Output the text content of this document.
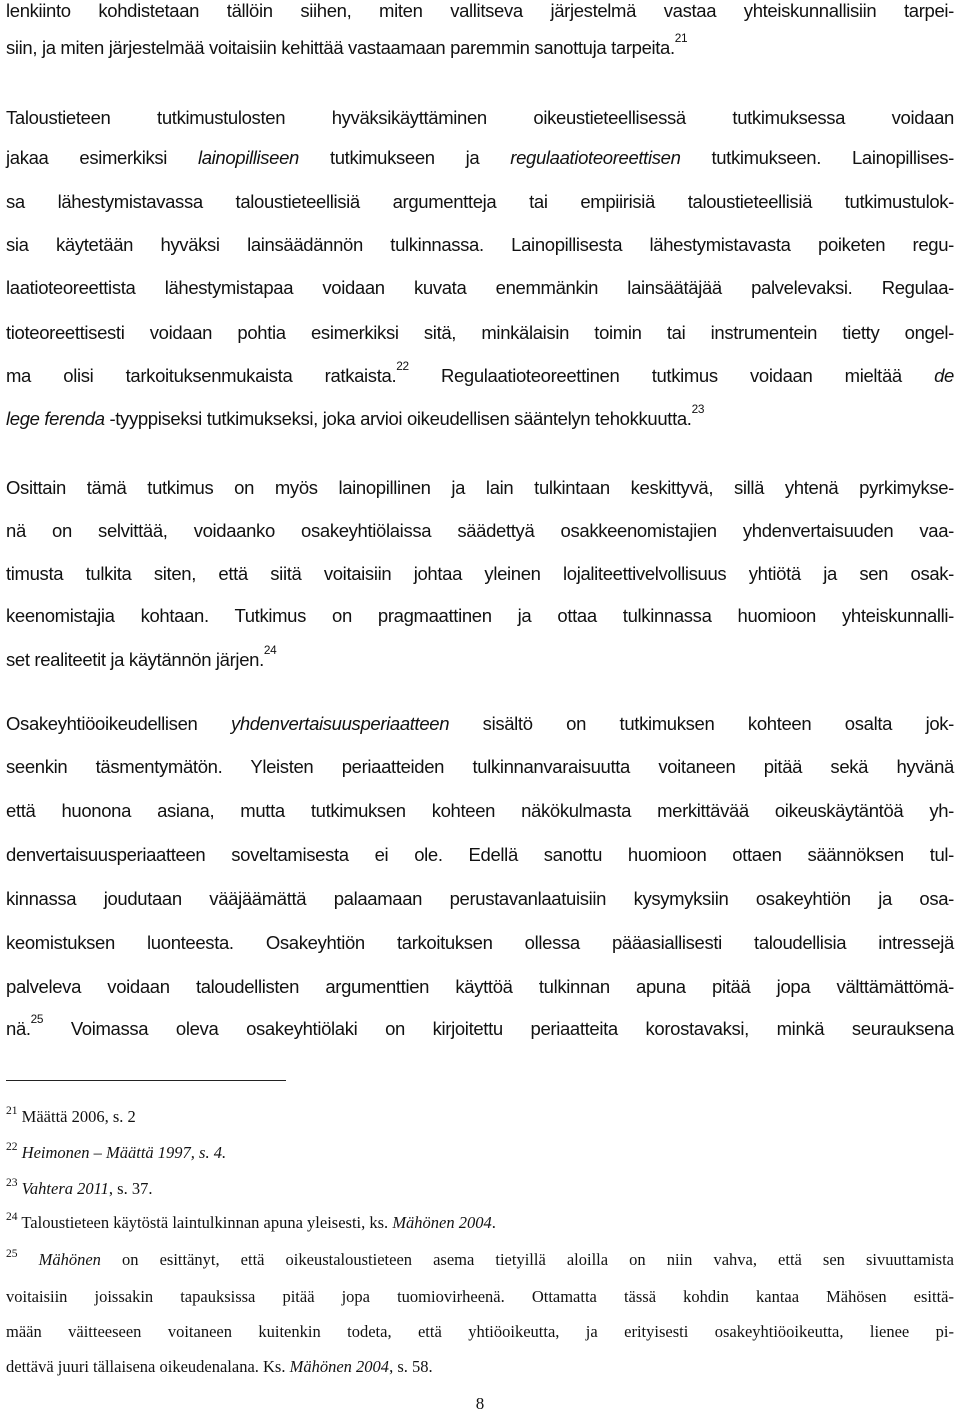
lenkiinto kohdistetaan tällöin siihen, miten vallitseva järjestelmä vastaa yhteiskunnallisiin tarpei-
siin, ja miten järjestelmää voitaisiin kehittää vastaamaan paremmin sanottuja tarpeita.$^{21}$
Taloustieteen tutkimustulosten hyväksikäyttäminen oikeustieteellisessä tutkimuksessa voidaan
jakaa esimerkiksi lainopilliseen tutkimukseen ja regulaatioteoreettisen tutkimukseen. Lainopillises-
sa lähestymistavassa taloustieteellisiä argumentteja tai empiirisiä taloustieteellisiä tutkimustulok-
sia käytetään hyväksi lainsäädännön tulkinnassa. Lainopillisesta lähestymistavasta poiketen regu-
laatioteoreettista lähestymistapaa voidaan kuvata enemmänkin lainsäätäjää palvelevaksi. Regulaa-
tioteoreettisesti voidaan pohtia esimerkiksi sitä, minkälaisin toimin tai instrumentein tietty ongel-
ma olisi tarkoituksenmukaista ratkaista.$^{22}$ Regulaatioteoreettinen tutkimus voidaan mieltää de
lege ferenda -tyyppiseksi tutkimukseksi, joka arvioi oikeudellisen sääntelyn tehokkuutta.$^{23}$
Osittain tämä tutkimus on myös lainopillinen ja lain tulkintaan keskittyvä, sillä yhtenä pyrkimykse-
nä on selvittää, voidaanko osakeyhtiölaissa säädettyä osakkeenomistajien yhdenvertaisuuden vaa-
timusta tulkita siten, että siitä voitaisiin johtaa yleinen lojaliteettivelvollisuus yhtiötä ja sen osak-
keenomistajia kohtaan. Tutkimus on pragmaattinen ja ottaa tulkinnassa huomioon yhteiskunnalli-
set realiteetit ja käytännön järjen.$^{24}$
Osakeyhtiöoikeudellisen yhdenvertaisuusperiaatteen sisältö on tutkimuksen kohteen osalta jok-
seenkin täsmentymätön. Yleisten periaatteiden tulkinnanvaraisuutta voitaneen pitää sekä hyvänä
että huonona asiana, mutta tutkimuksen kohteen näkökulmasta merkittävää oikeuskäytäntöä yh-
denvertaisuusperiaatteen soveltamisesta ei ole. Edellä sanottu huomioon ottaen säännöksen tul-
kinnassa joudutaan vääjäämättä palaamaan perustavanlaatuisiin kysymyksiin osakeyhtiön ja osa-
keomistuksen luonteesta. Osakeyhtiön tarkoituksen ollessa pääasiallisesti taloudellisia intressejä
palveleva voidaan taloudellisten argumenttien käyttöä tulkinnan apuna pitää jopa välttämättömä-
nä.$^{25}$ Voimassa oleva osakeyhtiölaki on kirjoitettu periaatteita korostavaksi, minkä seurauksena
$^{21}$ Määttä 2006, s. 2
$^{22}$ Heimonen – Määttä 1997, s. 4.
$^{23}$ Vahtera 2011, s. 37.
$^{24}$ Taloustieteen käytöstä laintulkinnan apuna yleisesti, ks. Mähönen 2004.
$^{25}$ Mähönen on esittänyt, että oikeustaloustieteen asema tietyillä aloilla on niin vahva, että sen sivuuttamista
voitaisiin joissakin tapauksissa pitää jopa tuomiovirheenä. Ottamatta tässä kohdin kantaa Mähösen esittä-
mään väitteeseen voitaneen kuitenkin todeta, että yhtiöoikeutta, ja erityisesti osakeyhtiöoikeutta, lienee pi-
dettävä juuri tällaisena oikeudenalana. Ks. Mähönen 2004, s. 58.
8
